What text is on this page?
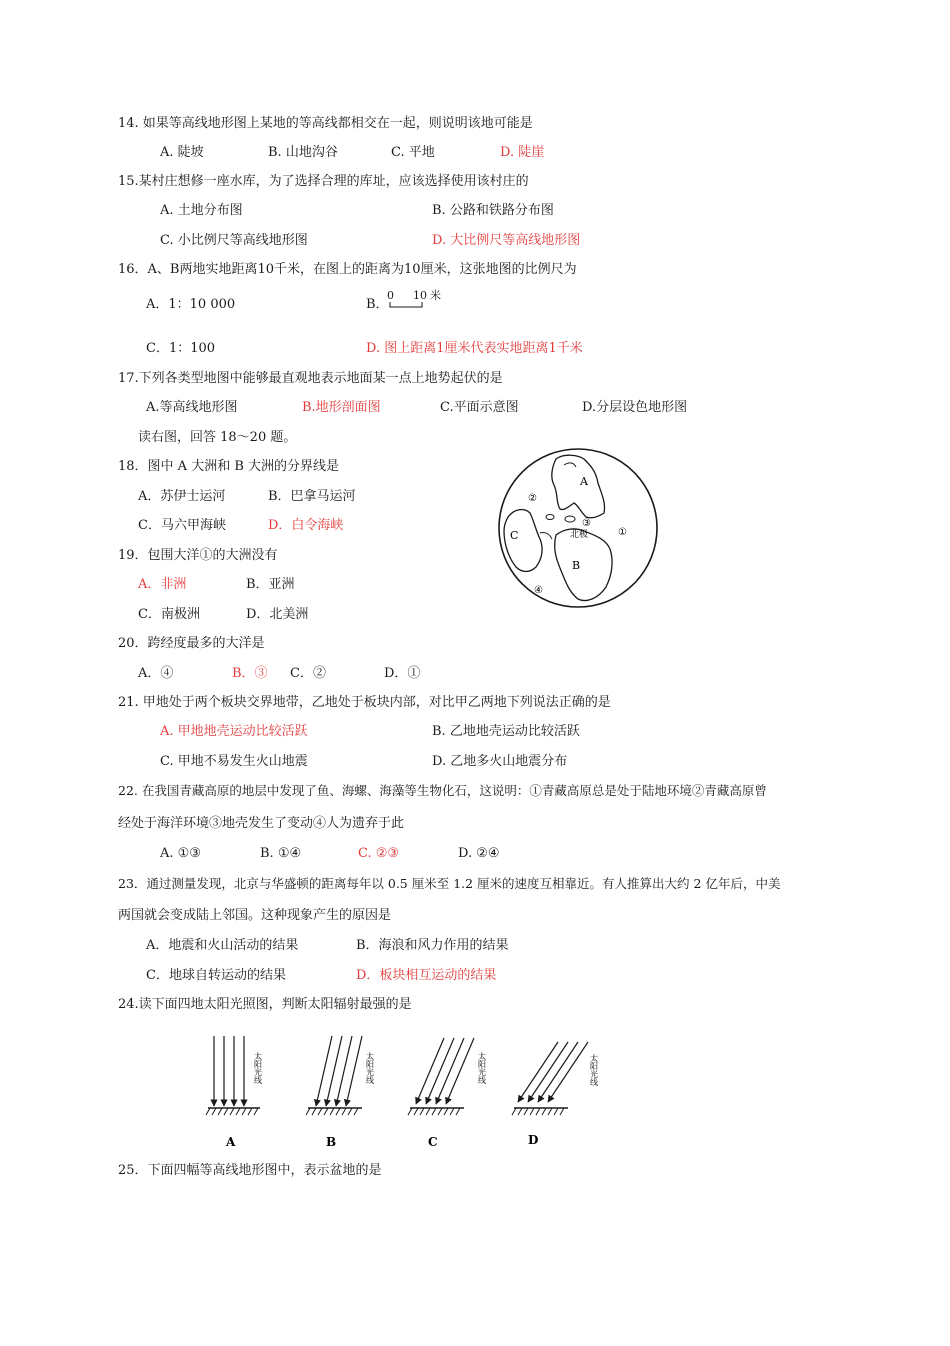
14. 如果等高线地形图上某地的等高线都相交在一起，则说明该地可能是
A. 陡坡	B. 山地沟谷	C. 平地	D. 陡崖
15.某村庄想修一座水库，为了选择合理的库址，应该选择使用该村庄的
A. 土地分布图	B. 公路和铁路分布图
C. 小比例尺等高线地形图	D. 大比例尺等高线地形图
16．A、B两地实地距离10千米，在图上的距离为10厘米，这张地图的比例尺为
A．1：10 000	B．
0 10 米
C．1：100	D. 图上距离1厘米代表实地距离1千米
17.下列各类型地图中能够最直观地表示地面某一点上地势起伏的是
A.等高线地形图	B.地形剖面图	C.平面示意图	D.分层设色地形图
读右图，回答 18～20 题。
18．图中 A 大洲和 B 大洲的分界线是
A．苏伊士运河	B．巴拿马运河
C．马六甲海峡	D．白令海峡
19．包围大洋①的大洲没有
A．非洲	B．亚洲
C．南极洲	D．北美洲
A
B
C	北极
③
①
②
④
20．跨经度最多的大洋是
A．④	B．③ C．②	D．①
21. 甲地处于两个板块交界地带，乙地处于板块内部，对比甲乙两地下列说法正确的是
A. 甲地地壳运动比较活跃	B. 乙地地壳运动比较活跃
C. 甲地不易发生火山地震	D. 乙地多火山地震分布
22. 在我国青藏高原的地层中发现了鱼、海螺、海藻等生物化石，这说明：①青藏高原总是处于陆地环境②青藏高原曾
经处于海洋环境③地壳发生了变动④人为遗弃于此
A. ①③	B. ①④	C. ②③	D. ②④
23．通过测量发现，北京与华盛顿的距离每年以 0.5 厘米至 1.2 厘米的速度互相靠近。有人推算出大约 2 亿年后，中美
两国就会变成陆上邻国。这种现象产生的原因是
A．地震和火山活动的结果	B．海浪和风力作用的结果
C．地球自转运动的结果	D．板块相互运动的结果
24.读下面四地太阳光照图，判断太阳辐射最强的是
太阳光线
A
太阳光线
B
太阳光线
C
太阳光线
D
25．下面四幅等高线地形图中，表示盆地的是
